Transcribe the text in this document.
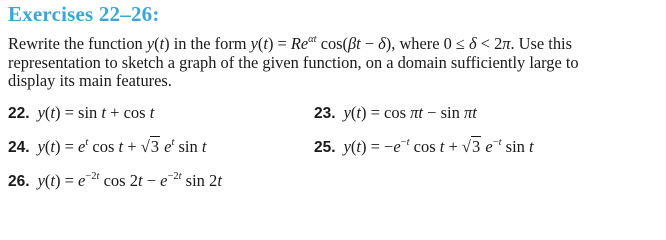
Exercises 22–26:
Rewrite the function y(t) in the form $y(t) = Re^{\alpha t}$ cos(βt − δ), where 0 ≤ δ < 2π. Use this
representation to sketch a graph of the given function, on a domain sufficiently large to
display its main features.
22. y(t) = sin t + cos t	23. y(t) = cos πt − sin πt
24. $y(t) = e^t$ cos t + √3 $e^t$ sin t	25. $y(t) = -e^{-t}$ cos t + √3 $e^{-t}$ sin t
26. $y(t) = e^{-2t}$ $\cos 2t - e^{-2t}$ sin 2t
